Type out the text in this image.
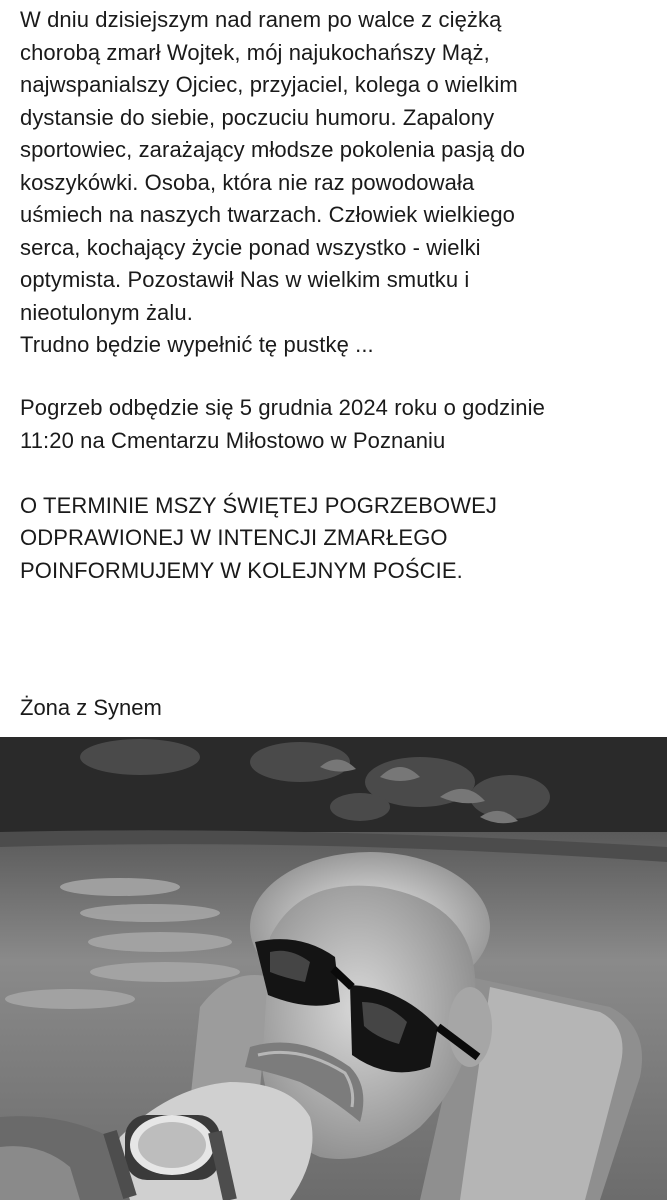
W dniu dzisiejszym nad ranem po walce z ciężką
chorobą zmarł Wojtek, mój najukochańszy Mąż,
najwspanialszy Ojciec, przyjaciel, kolega o wielkim
dystansie do siebie, poczuciu humoru. Zapalony
sportowiec, zarażający młodsze pokolenia pasją do
koszykówki. Osoba, która nie raz powodowała
uśmiech na naszych twarzach. Człowiek wielkiego
serca, kochający życie ponad wszystko - wielki
optymista. Pozostawił Nas w wielkim smutku i
nieotulonym żalu.
Trudno będzie wypełnić tę pustkę ...
Pogrzeb odbędzie się 5 grudnia 2024 roku o godzinie
11:20 na Cmentarzu Miłostowo w Poznaniu
O TERMINIE MSZY ŚWIĘTEJ POGRZEBOWEJ
ODPRAWIONEJ W INTENCJI ZMARŁEGO
POINFORMUJEMY W KOLEJNYM POŚCIE.
Żona z Synem
